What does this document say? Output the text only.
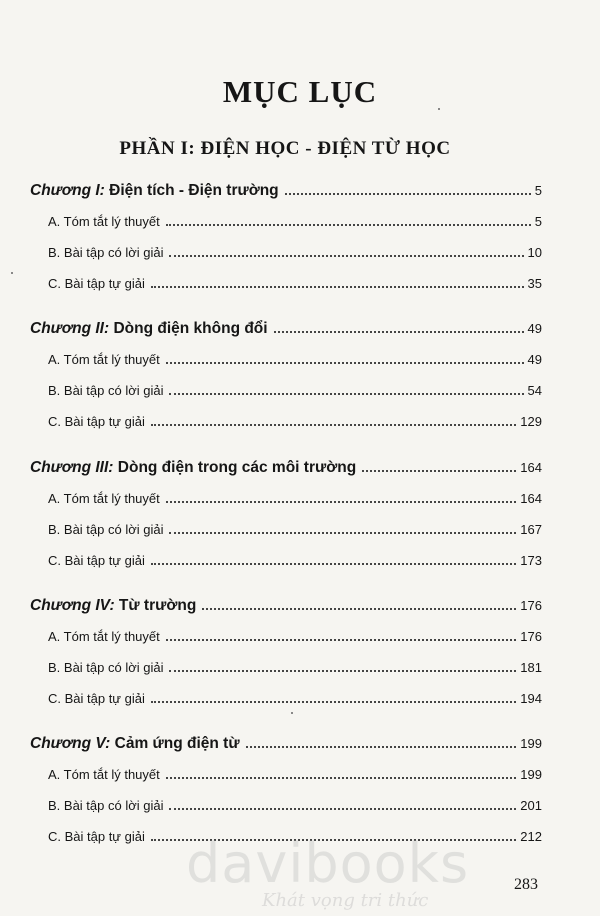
MỤC LỤC
PHẦN I: ĐIỆN HỌC - ĐIỆN TỪ HỌC
Chương I: Điện tích - Điện trường	5
A. Tóm tắt lý thuyết	5
B. Bài tập có lời giải	10
C. Bài tập tự giải	35
Chương II: Dòng điện không đổi	49
A. Tóm tắt lý thuyết	49
B. Bài tập có lời giải	54
C. Bài tập tự giải	129
Chương III: Dòng điện trong các môi trường	164
A. Tóm tắt lý thuyết	164
B. Bài tập có lời giải	167
C. Bài tập tự giải	173
Chương IV: Từ trường	176
A. Tóm tắt lý thuyết	176
B. Bài tập có lời giải	181
C. Bài tập tự giải	194
Chương V: Cảm ứng điện từ	199
A. Tóm tắt lý thuyết	199
B. Bài tập có lời giải	201
C. Bài tập tự giải	212
davibooks
Khát vọng tri thức
283
